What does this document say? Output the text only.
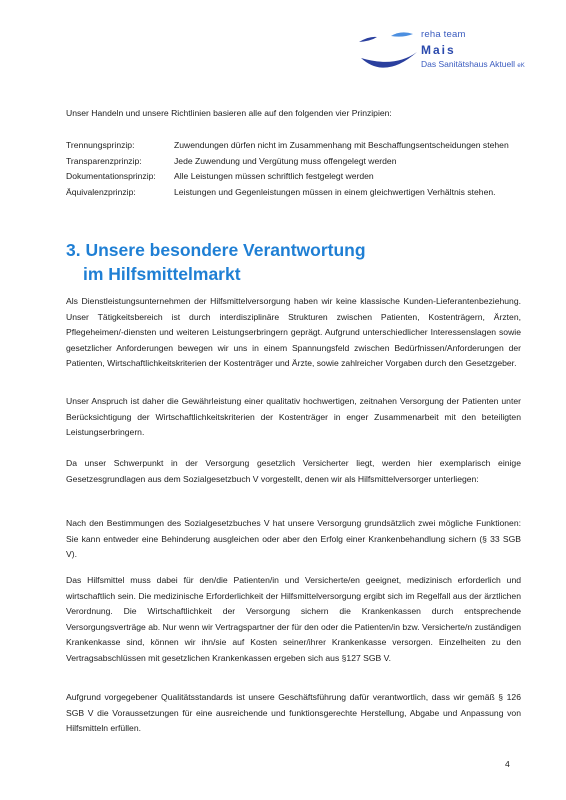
reha team
Mais
Das Sanitätshaus Aktuell eK

Unser Handeln und unsere Richtlinien basieren alle auf den folgenden vier Prinzipien:

Trennungsprinzip:	Zuwendungen dürfen nicht im Zusammenhang mit Beschaffungsentscheidungen stehen
Transparenzprinzip:	Jede Zuwendung und Vergütung muss offengelegt werden
Dokumentationsprinzip:	Alle Leistungen müssen schriftlich festgelegt werden
Äquivalenzprinzip:	Leistungen und Gegenleistungen müssen in einem gleichwertigen Verhältnis stehen.
3. Unsere besondere Verantwortung
im Hilfsmittelmarkt

Als Dienstleistungsunternehmen der Hilfsmittelversorgung haben wir keine klassische Kunden-Lieferantenbeziehung. Unser Tätigkeitsbereich ist durch interdisziplinäre Strukturen zwischen Patienten, Kostenträgern, Ärzten, Pflegeheimen/-diensten und weiteren Leistungserbringern geprägt. Aufgrund unterschiedlicher Interessenslagen sowie gesetzlicher Anforderungen bewegen wir uns in einem Spannungsfeld zwischen Bedürfnissen/Anforderungen der Patienten, Wirtschaftlichkeitskriterien der Kostenträger und Ärzte, sowie zahlreicher Vorgaben durch den Gesetzgeber.

Unser Anspruch ist daher die Gewährleistung einer qualitativ hochwertigen, zeitnahen Versorgung der Patienten unter Berücksichtigung der Wirtschaftlichkeitskriterien der Kostenträger in enger Zusammenarbeit mit den beteiligten Leistungserbringern.

Da unser Schwerpunkt in der Versorgung gesetzlich Versicherter liegt, werden hier exemplarisch einige Gesetzesgrundlagen aus dem Sozialgesetzbuch V vorgestellt, denen wir als Hilfsmittelversorger unterliegen:

Nach den Bestimmungen des Sozialgesetzbuches V hat unsere Versorgung grundsätzlich zwei mögliche Funktionen: Sie kann entweder eine Behinderung ausgleichen oder aber den Erfolg einer Krankenbehandlung sichern (§ 33 SGB V).

Das Hilfsmittel muss dabei für den/die Patienten/in und Versicherte/en geeignet, medizinisch erforderlich und wirtschaftlich sein. Die medizinische Erforderlichkeit der Hilfsmittelversorgung ergibt sich im Regelfall aus der ärztlichen Verordnung. Die Wirtschaftlichkeit der Versorgung sichern die Krankenkassen durch entsprechende Versorgungsverträge ab. Nur wenn wir Vertragspartner der für den oder die Patienten/in bzw. Versicherte/n zuständigen Krankenkasse sind, können wir ihn/sie auf Kosten seiner/ihrer Krankenkasse versorgen. Einzelheiten zu den Vertragsabschlüssen mit gesetzlichen Krankenkassen ergeben sich aus §127 SGB V.

Aufgrund vorgegebener Qualitätsstandards ist unsere Geschäftsführung dafür verantwortlich, dass wir gemäß § 126 SGB V die Voraussetzungen für eine ausreichende und funktionsgerechte Herstellung, Abgabe und Anpassung von Hilfsmitteln erfüllen.

4
